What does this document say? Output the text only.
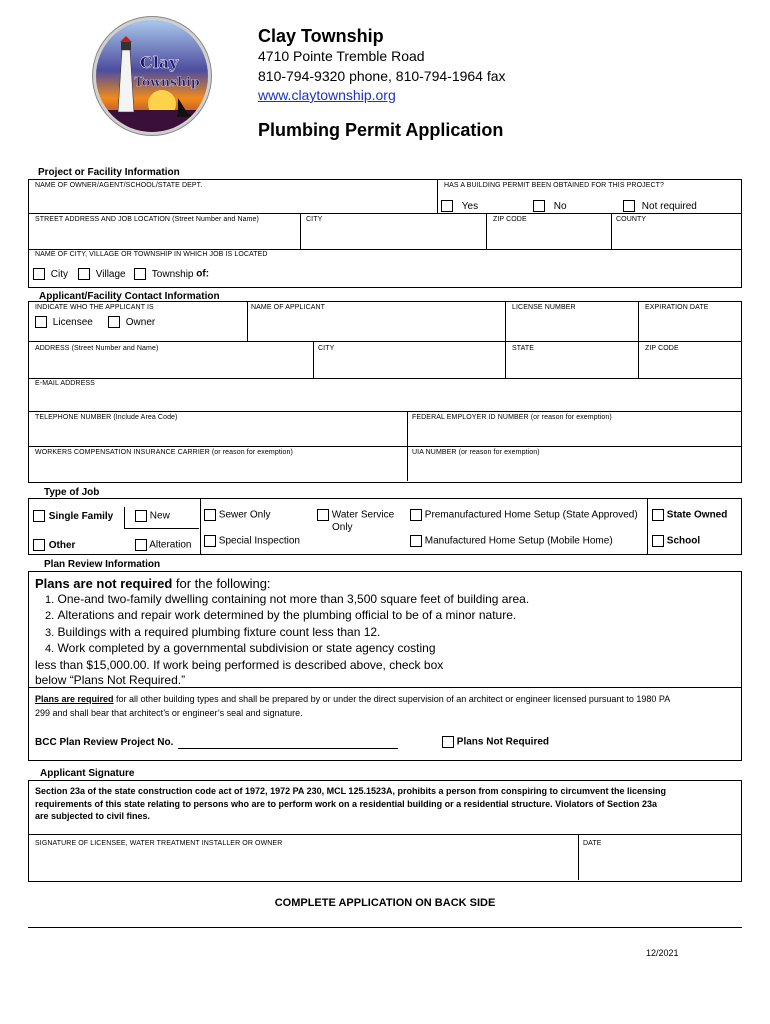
Clay
Township
Clay Township
4710 Pointe Tremble Road
810-794-9320 phone, 810-794-1964 fax
www.claytownship.org
Plumbing Permit Application
Project or Facility Information
NAME OF OWNER/AGENT/SCHOOL/STATE DEPT.	HAS A BUILDING PERMIT BEEN OBTAINED FOR THIS PROJECT?
Yes	No	Not required
STREET ADDRESS AND JOB LOCATION (Street Number and Name)	CITY	ZIP CODE	COUNTY
NAME OF CITY, VILLAGE OR TOWNSHIP IN WHICH JOB IS LOCATED
City	Village	Township of:
Applicant/Facility Contact Information
INDICATE WHO THE APPLICANT IS
Licensee	Owner
NAME OF APPLICANT	LICENSE NUMBER	EXPIRATION DATE
ADDRESS (Street Number and Name)	CITY	STATE	ZIP CODE
E-MAIL ADDRESS
TELEPHONE NUMBER (Include Area Code)	FEDERAL EMPLOYER ID NUMBER (or reason for exemption)
WORKERS COMPENSATION INSURANCE CARRIER (or reason for exemption)	UIA NUMBER (or reason for exemption)
Type of Job
Single Family
Other
New
Alteration
Sewer Only
Special Inspection
Water Service
Only
Premanufactured Home Setup (State Approved)
Manufactured Home Setup (Mobile Home)
State Owned
School
Plan Review Information
Plans are not required for the following:
1. One-and two-family dwelling containing not more than 3,500 square feet of building area.
2. Alterations and repair work determined by the plumbing official to be of a minor nature.
3. Buildings with a required plumbing fixture count less than 12.
4. Work completed by a governmental subdivision or state agency costing
less than $15,000.00. If work being performed is described above, check box
below “Plans Not Required.”
Plans are required for all other building types and shall be prepared by or under the direct supervision of an architect or engineer licensed pursuant to 1980 PA
299 and shall bear that architect’s or engineer’s seal and signature.
BCC Plan Review Project No.	Plans Not Required
Applicant Signature
Section 23a of the state construction code act of 1972, 1972 PA 230, MCL 125.1523A, prohibits a person from conspiring to circumvent the licensing
requirements of this state relating to persons who are to perform work on a residential building or a residential structure. Violators of Section 23a
are subjected to civil fines.
SIGNATURE OF LICENSEE, WATER TREATMENT INSTALLER OR OWNER	DATE
COMPLETE APPLICATION ON BACK SIDE
12/2021
